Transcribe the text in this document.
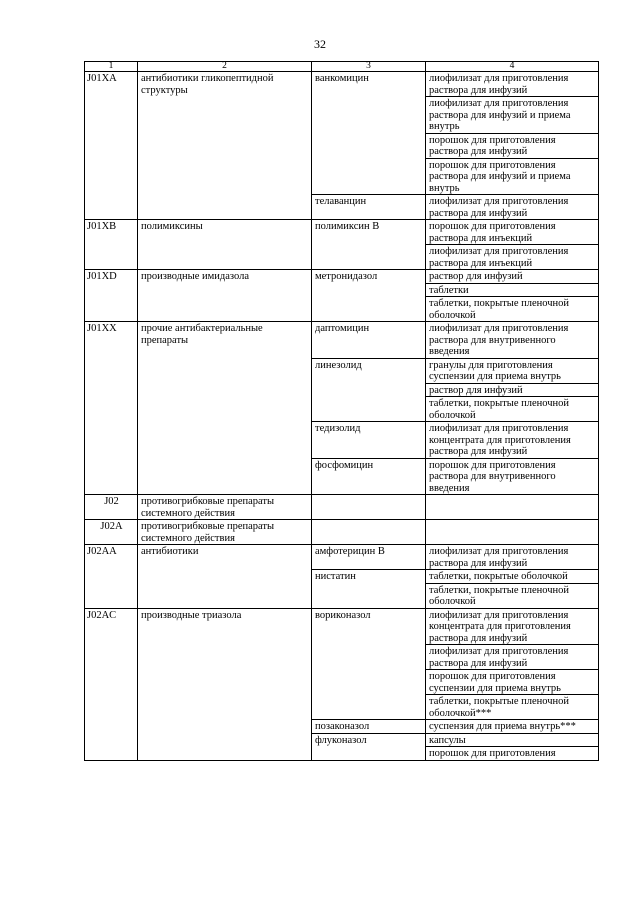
32
1	2	3	4
J01XA	антибиотики гликопептидной структуры	ванкомицин	лиофилизат для приготовления раствора для инфузий
			лиофилизат для приготовления раствора для инфузий и приема внутрь
			порошок для приготовления раствора для инфузий
			порошок для приготовления раствора для инфузий и приема внутрь
		телаванцин	лиофилизат для приготовления раствора для инфузий
J01XB	полимиксины	полимиксин В	порошок для приготовления раствора для инъекций
			лиофилизат для приготовления раствора для инъекций
J01XD	производные имидазола	метронидазол	раствор для инфузий
			таблетки
			таблетки, покрытые пленочной оболочкой
J01XX	прочие антибактериальные препараты	даптомицин	лиофилизат для приготовления раствора для внутривенного введения
		линезолид	гранулы для приготовления суспензии для приема внутрь
			раствор для инфузий
			таблетки, покрытые пленочной оболочкой
		тедизолид	лиофилизат для приготовления концентрата для приготовления раствора для инфузий
		фосфомицин	порошок для приготовления раствора для внутривенного введения
J02	противогрибковые препараты системного действия		
J02A	противогрибковые препараты системного действия		
J02AA	антибиотики	амфотерицин В	лиофилизат для приготовления раствора для инфузий
		нистатин	таблетки, покрытые оболочкой
			таблетки, покрытые пленочной оболочкой
J02AC	производные триазола	вориконазол	лиофилизат для приготовления концентрата для приготовления раствора для инфузий
			лиофилизат для приготовления раствора для инфузий
			порошок для приготовления суспензии для приема внутрь
			таблетки, покрытые пленочной оболочкой***
		позаконазол	суспензия для приема внутрь***
		флуконазол	капсулы
			порошок для приготовления
